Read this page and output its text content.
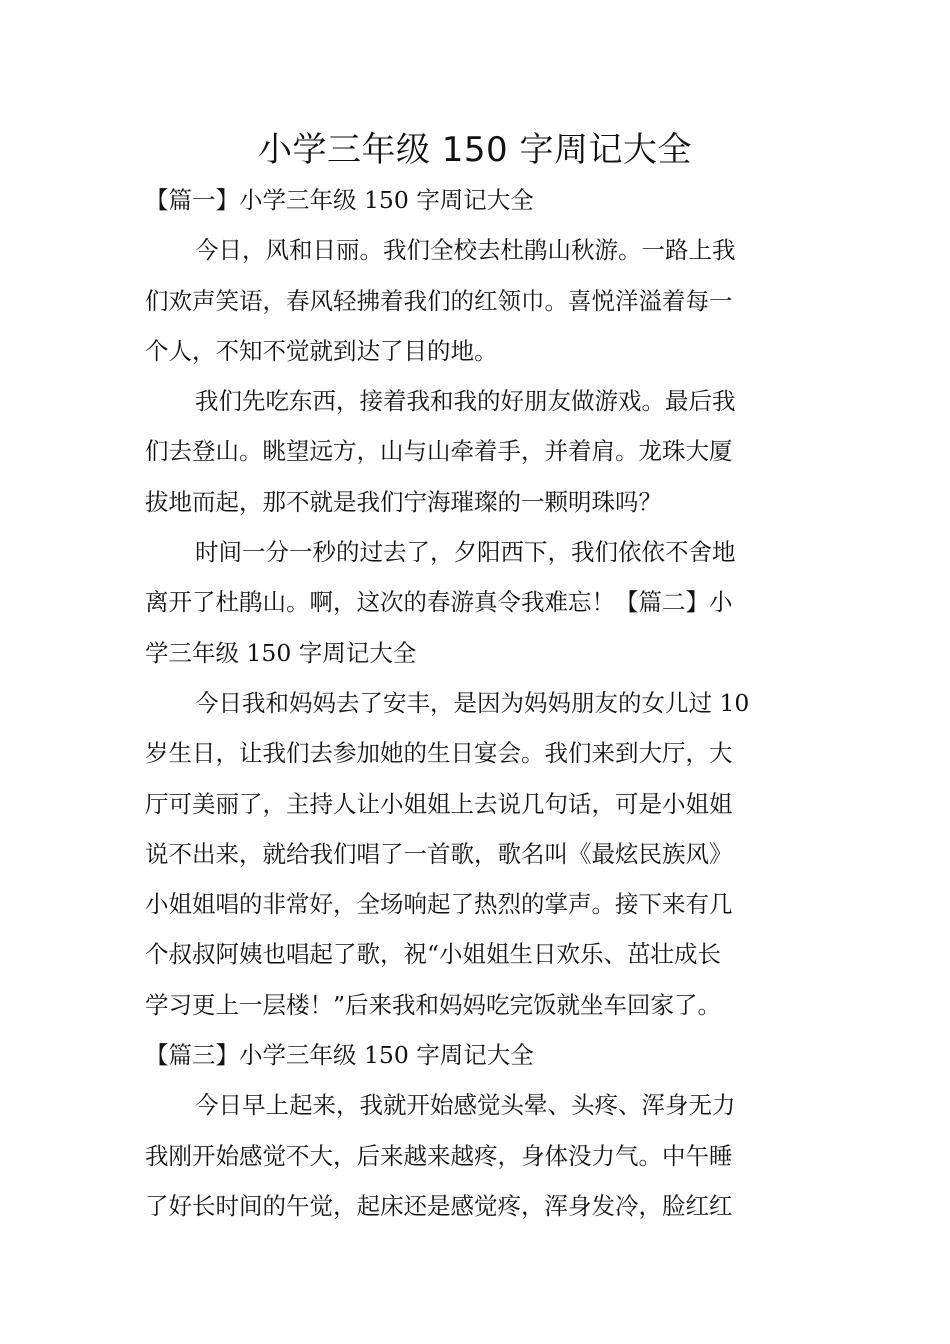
小学三年级 150 字周记大全
【篇一】小学三年级 150 字周记大全
今日，风和日丽。我们全校去杜鹃山秋游。一路上我
们欢声笑语，春风轻拂着我们的红领巾。喜悦洋溢着每一
个人，不知不觉就到达了目的地。
我们先吃东西，接着我和我的好朋友做游戏。最后我
们去登山。眺望远方，山与山牵着手，并着肩。龙珠大厦
拔地而起，那不就是我们宁海璀璨的一颗明珠吗？
时间一分一秒的过去了，夕阳西下，我们依依不舍地
离开了杜鹃山。啊，这次的春游真令我难忘！【篇二】小
学三年级 150 字周记大全
今日我和妈妈去了安丰，是因为妈妈朋友的女儿过 10
岁生日，让我们去参加她的生日宴会。我们来到大厅，大
厅可美丽了，主持人让小姐姐上去说几句话，可是小姐姐
说不出来，就给我们唱了一首歌，歌名叫《最炫民族风》
小姐姐唱的非常好，全场响起了热烈的掌声。接下来有几
个叔叔阿姨也唱起了歌，祝“小姐姐生日欢乐、茁壮成长
学习更上一层楼！”后来我和妈妈吃完饭就坐车回家了。
【篇三】小学三年级 150 字周记大全
今日早上起来，我就开始感觉头晕、头疼、浑身无力
我刚开始感觉不大，后来越来越疼，身体没力气。中午睡
了好长时间的午觉，起床还是感觉疼，浑身发冷，脸红红
